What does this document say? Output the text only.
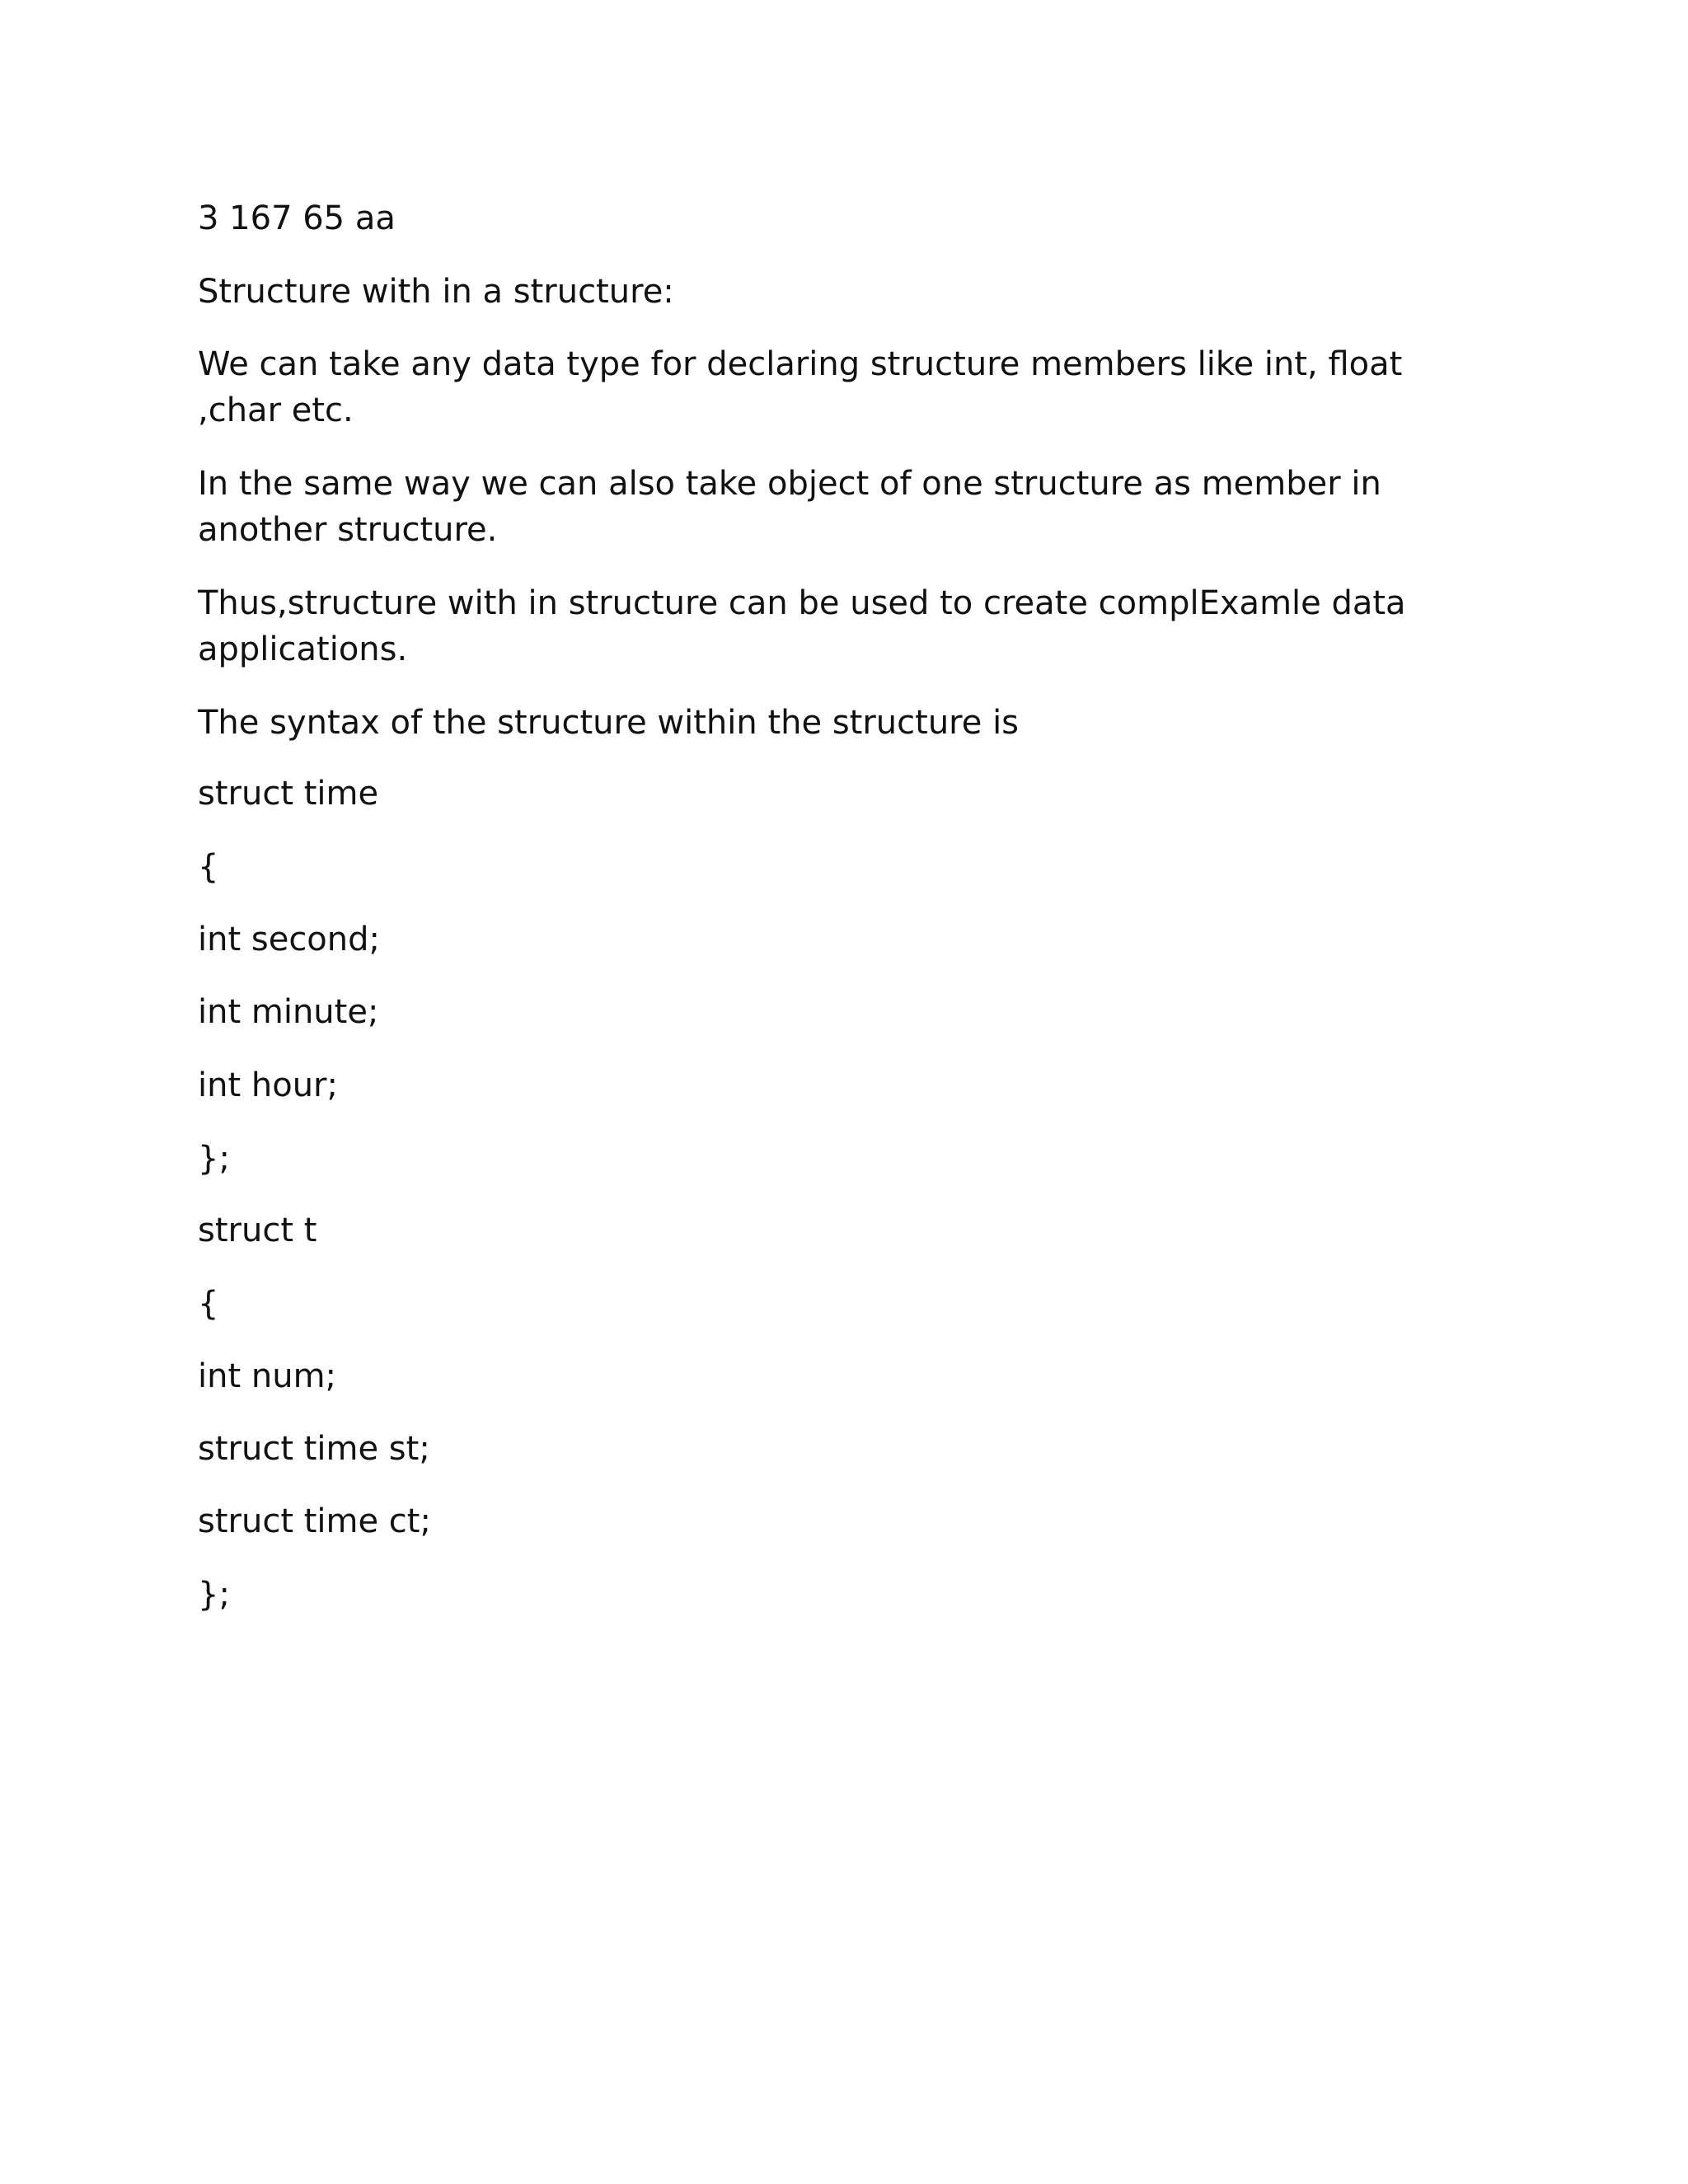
3 167 65 aa

Structure with in a structure:

We can take any data type for declaring structure members like int, float

,char etc.

In the same way we can also take object of one structure as member in

another structure.

Thus,structure with in structure can be used to create complExamle data

applications.

The syntax of the structure within the structure is

struct time

{

int second;

int minute;

int hour;

};

struct t

{

int num;

struct time st;

struct time ct;

};
